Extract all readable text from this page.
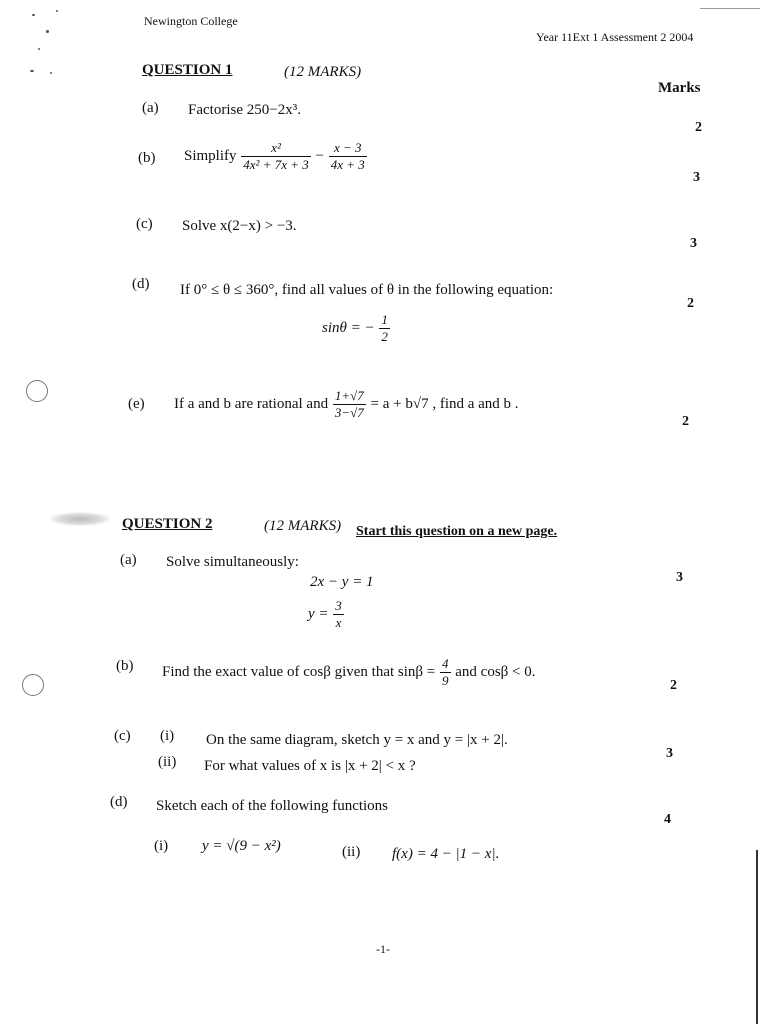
Newington College
Year 11Ext 1 Assessment 2 2004
Marks
QUESTION 1	(12 MARKS)
(a) Factorise 250−2x³.
2
(b) Simplify $\frac{\text{x²}}{\text{4x² + 7x + 3}} - \frac{x - 3}{4x + 3}$
3
(c) Solve x(2−x) > −3.
3
(d) If 0° ≤ θ ≤ 360°, find all values of θ in the following equation:
sinθ = − $\frac{1}{2}$
2
(e) If a and b are rational and $\frac{1+√7}{3-√7} = a + b√7$ , find a and b .
2
QUESTION 2	(12 MARKS) Start this question on a new page.
(a) Solve simultaneously:
2x − y = 1
$y = \frac{3}{x}$
3
(b) Find the exact value of cosβ given that $\sin\beta = \frac{4}{9}$ and cosβ < 0.
2
(c) (i) On the same diagram, sketch y = x and y = |x + 2|.
(ii) For what values of x is |x + 2| < x ?
3
(d) Sketch each of the following functions
(i) y = √(9 − x²)	(ii) f(x) = 4 − |1 − x|.
4
-1-
